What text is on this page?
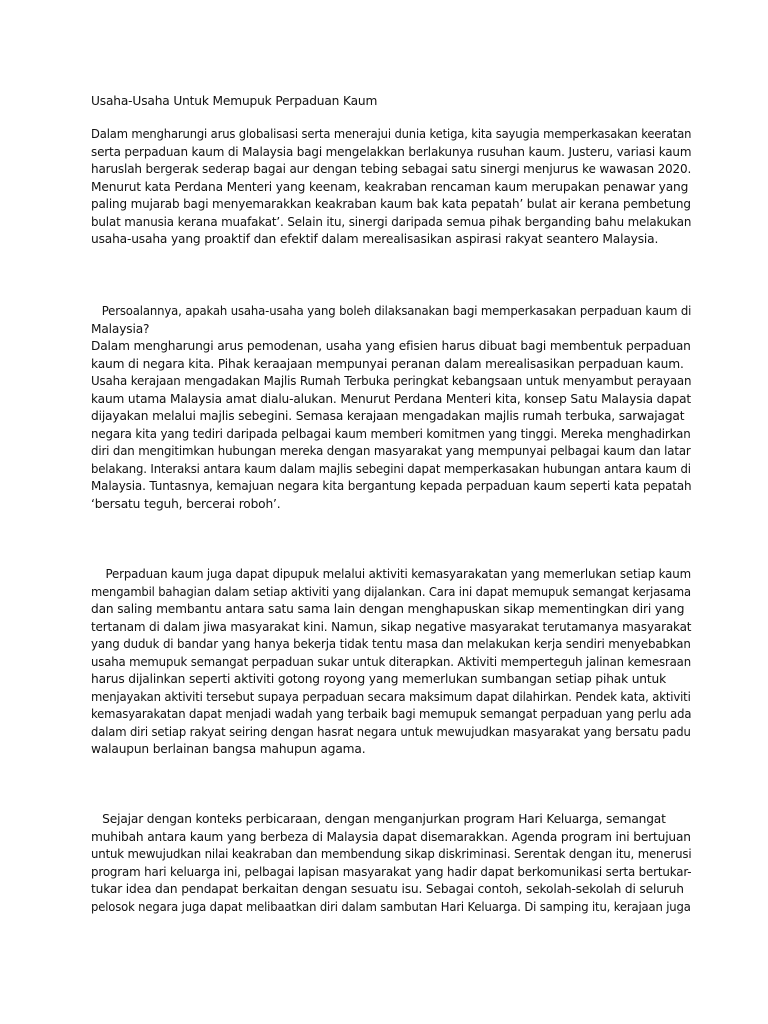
Usaha-Usaha Untuk Memupuk Perpaduan Kaum
Dalam mengharungi arus globalisasi serta menerajui dunia ketiga, kita sayugia memperkasakan keeratan
serta perpaduan kaum di Malaysia bagi mengelakkan berlakunya rusuhan kaum. Justeru, variasi kaum
haruslah bergerak sederap bagai aur dengan tebing sebagai satu sinergi menjurus ke wawasan 2020.
Menurut kata Perdana Menteri yang keenam, keakraban rencaman kaum merupakan penawar yang
paling mujarab bagi menyemarakkan keakraban kaum bak kata pepatah’ bulat air kerana pembetung
bulat manusia kerana muafakat’. Selain itu, sinergi daripada semua pihak berganding bahu melakukan
usaha-usaha yang proaktif dan efektif dalam merealisasikan aspirasi rakyat seantero Malaysia.
Persoalannya, apakah usaha-usaha yang boleh dilaksanakan bagi memperkasakan perpaduan kaum di
Malaysia?
Dalam mengharungi arus pemodenan, usaha yang efisien harus dibuat bagi membentuk perpaduan
kaum di negara kita. Pihak keraajaan mempunyai peranan dalam merealisasikan perpaduan kaum.
Usaha kerajaan mengadakan Majlis Rumah Terbuka peringkat kebangsaan untuk menyambut perayaan
kaum utama Malaysia amat dialu-alukan. Menurut Perdana Menteri kita, konsep Satu Malaysia dapat
dijayakan melalui majlis sebegini. Semasa kerajaan mengadakan majlis rumah terbuka, sarwajagat
negara kita yang tediri daripada pelbagai kaum memberi komitmen yang tinggi. Mereka menghadirkan
diri dan mengitimkan hubungan mereka dengan masyarakat yang mempunyai pelbagai kaum dan latar
belakang. Interaksi antara kaum dalam majlis sebegini dapat memperkasakan hubungan antara kaum di
Malaysia. Tuntasnya, kemajuan negara kita bergantung kepada perpaduan kaum seperti kata pepatah
‘bersatu teguh, bercerai roboh’.
Perpaduan kaum juga dapat dipupuk melalui aktiviti kemasyarakatan yang memerlukan setiap kaum
mengambil bahagian dalam setiap aktiviti yang dijalankan. Cara ini dapat memupuk semangat kerjasama
dan saling membantu antara satu sama lain dengan menghapuskan sikap mementingkan diri yang
tertanam di dalam jiwa masyarakat kini. Namun, sikap negative masyarakat terutamanya masyarakat
yang duduk di bandar yang hanya bekerja tidak tentu masa dan melakukan kerja sendiri menyebabkan
usaha memupuk semangat perpaduan sukar untuk diterapkan. Aktiviti memperteguh jalinan kemesraan
harus dijalinkan seperti aktiviti gotong royong yang memerlukan sumbangan setiap pihak untuk
menjayakan aktiviti tersebut supaya perpaduan secara maksimum dapat dilahirkan. Pendek kata, aktiviti
kemasyarakatan dapat menjadi wadah yang terbaik bagi memupuk semangat perpaduan yang perlu ada
dalam diri setiap rakyat seiring dengan hasrat negara untuk mewujudkan masyarakat yang bersatu padu
walaupun berlainan bangsa mahupun agama.
Sejajar dengan konteks perbicaraan, dengan menganjurkan program Hari Keluarga, semangat
muhibah antara kaum yang berbeza di Malaysia dapat disemarakkan. Agenda program ini bertujuan
untuk mewujudkan nilai keakraban dan membendung sikap diskriminasi. Serentak dengan itu, menerusi
program hari keluarga ini, pelbagai lapisan masyarakat yang hadir dapat berkomunikasi serta bertukar-
tukar idea dan pendapat berkaitan dengan sesuatu isu. Sebagai contoh, sekolah-sekolah di seluruh
pelosok negara juga dapat melibaatkan diri dalam sambutan Hari Keluarga. Di samping itu, kerajaan juga
